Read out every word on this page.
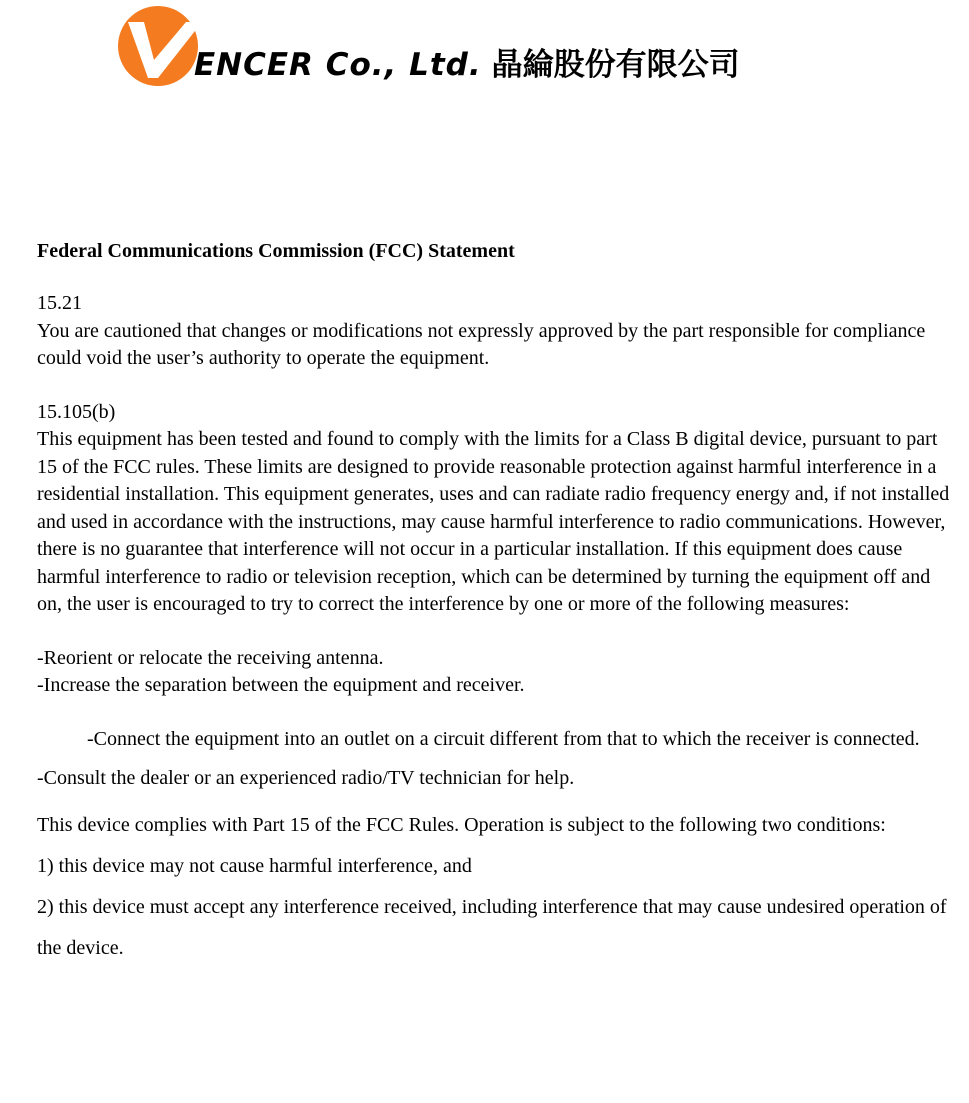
ENCER Co., Ltd. 晶綸股份有限公司

Federal Communications Commission (FCC) Statement

15.21

You are cautioned that changes or modifications not expressly approved by the part responsible for compliance could void the user’s authority to operate the equipment.

15.105(b)

This equipment has been tested and found to comply with the limits for a Class B digital device, pursuant to part 15 of the FCC rules. These limits are designed to provide reasonable protection against harmful interference in a residential installation. This equipment generates, uses and can radiate radio frequency energy and, if not installed and used in accordance with the instructions, may cause harmful interference to radio communications. However, there is no guarantee that interference will not occur in a particular installation. If this equipment does cause harmful interference to radio or television reception, which can be determined by turning the equipment off and on, the user is encouraged to try to correct the interference by one or more of the following measures:

-Reorient or relocate the receiving antenna.

-Increase the separation between the equipment and receiver.

-Connect the equipment into an outlet on a circuit different from that to which the receiver is connected.

-Consult the dealer or an experienced radio/TV technician for help.

This device complies with Part 15 of the FCC Rules. Operation is subject to the following two conditions:

1) this device may not cause harmful interference, and

2) this device must accept any interference received, including interference that may cause undesired operation of the device.
